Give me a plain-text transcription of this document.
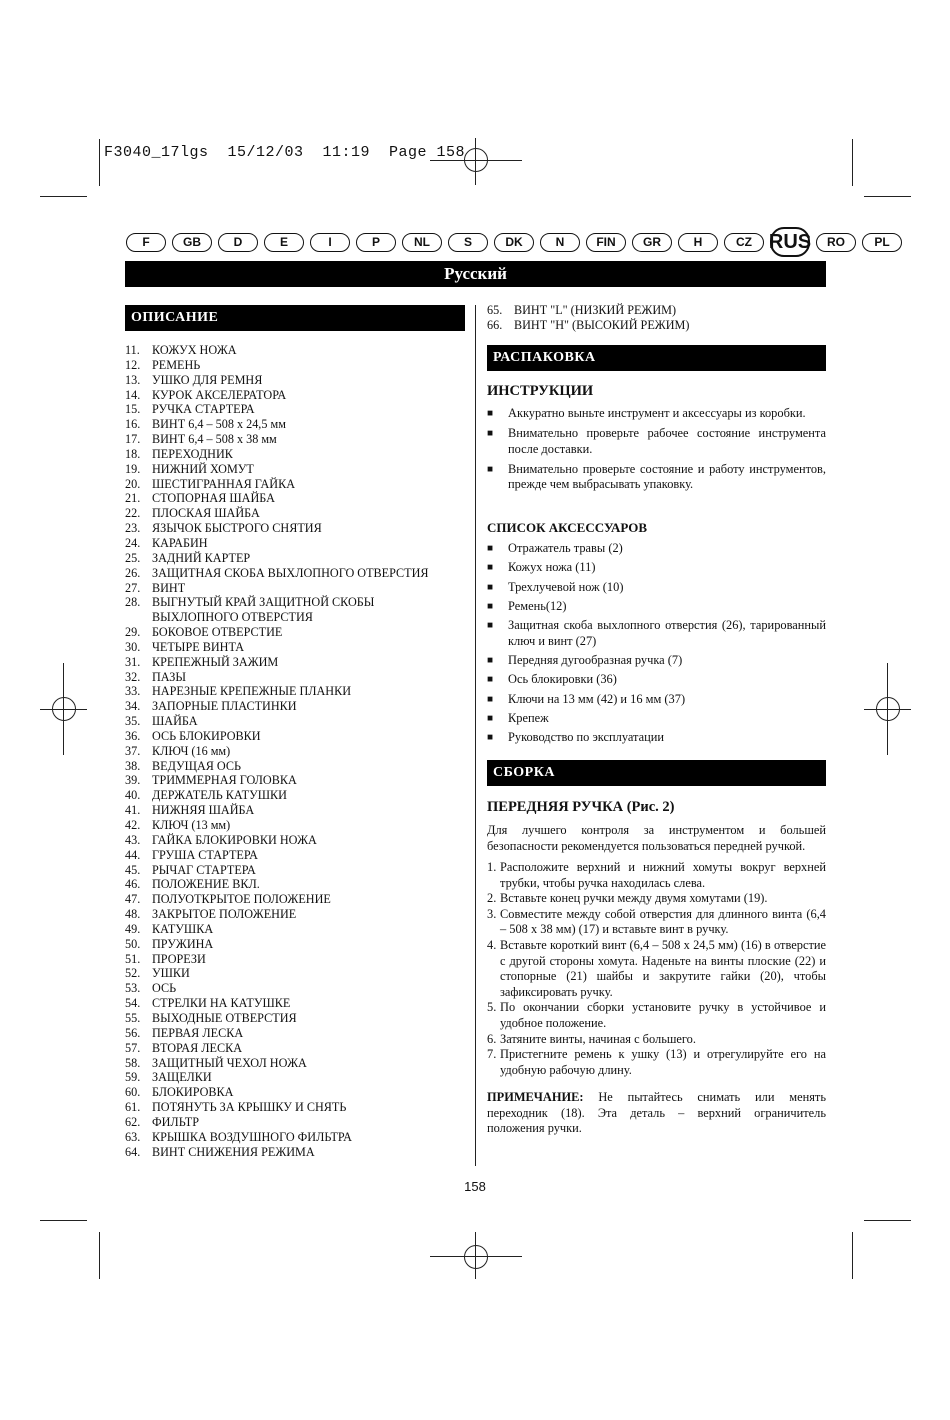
F3040_17lgs  15/12/03  11:19  Page 158
F	GB	D	E	I	P	NL	S	DK	N	FIN	GR	H	CZ RUS	RO	PL
Русский
ОПИСАНИЕ
11.	КОЖУХ НОЖА
12. РЕМЕНЬ
13. УШКО ДЛЯ РЕМНЯ
14. КУРОК АКСЕЛЕРАТОРА
15. РУЧКА СТАРТЕРА
16. ВИНТ 6,4 – 508 x 24,5 мм
17. ВИНТ 6,4 – 508 x 38 мм
18. ПЕРЕХОДНИК
19. НИЖНИЙ ХОМУТ
20. ШЕСТИГРАННАЯ ГАЙКА
21. СТОПОРНАЯ ШАЙБА
22. ПЛОСКАЯ ШАЙБА
23. ЯЗЫЧОК БЫСТРОГО СНЯТИЯ
24. КАРАБИН
25. ЗАДНИЙ КАРТЕР
26. ЗАЩИТНАЯ СКОБА ВЫХЛОПНОГО ОТВЕРСТИЯ
27. ВИНТ
28. ВЫГНУТЫЙ КРАЙ ЗАЩИТНОЙ СКОБЫ
ВЫХЛОПНОГО ОТВЕРСТИЯ
29. БОКОВОЕ ОТВЕРСТИЕ
30. ЧЕТЫРЕ ВИНТА
31. КРЕПЕЖНЫЙ ЗАЖИМ
32. ПАЗЫ
33. НАРЕЗНЫЕ КРЕПЕЖНЫЕ ПЛАНКИ
34. ЗАПОРНЫЕ ПЛАСТИНКИ
35. ШАЙБА
36. ОСЬ БЛОКИРОВКИ
37. КЛЮЧ (16 мм)
38. ВЕДУЩАЯ ОСЬ
39. ТРИММЕРНАЯ ГОЛОВКА
40. ДЕРЖАТЕЛЬ КАТУШКИ
41. НИЖНЯЯ ШАЙБА
42. КЛЮЧ (13 мм)
43. ГАЙКА БЛОКИРОВКИ НОЖА
44. ГРУША СТАРТЕРА
45. РЫЧАГ СТАРТЕРА
46. ПОЛОЖЕНИЕ ВКЛ.
47. ПОЛУОТКРЫТОЕ ПОЛОЖЕНИЕ
48. ЗАКРЫТОЕ ПОЛОЖЕНИЕ
49. КАТУШКА
50. ПРУЖИНА
51. ПРОРЕЗИ
52. УШКИ
53. ОСЬ
54. СТРЕЛКИ НА КАТУШКЕ
55. ВЫХОДНЫЕ ОТВЕРСТИЯ
56. ПЕРВАЯ ЛЕСКА
57. ВТОРАЯ ЛЕСКА
58. ЗАЩИТНЫЙ ЧЕХОЛ НОЖА
59. ЗАЩЕЛКИ
60. БЛОКИРОВКА
61. ПОТЯНУТЬ ЗА КРЫШКУ И СНЯТЬ
62. ФИЛЬТР
63. КРЫШКА ВОЗДУШНОГО ФИЛЬТРА
64. ВИНТ СНИЖЕНИЯ РЕЖИМА
65. ВИНТ "L" (НИЗКИЙ РЕЖИМ)
66. ВИНТ "H" (ВЫСОКИЙ РЕЖИМ)
РАСПАКОВКА
ИНСТРУКЦИИ
■	Аккуратно выньте инструмент и аксессуары из коробки.
■	Внимательно проверьте рабочее состояние инструмента после доставки.
■	Внимательно проверьте состояние и работу инструментов, прежде чем выбрасывать упаковку.
СПИСОК АКСЕССУАРОВ
■	Отражатель травы (2)
■	Кожух ножа (11)
■	Трехлучевой нож (10)
■	Ремень(12)
■	Защитная скоба выхлопного отверстия (26), тарированный ключ и винт (27)
■	Передняя дугообразная ручка (7)
■	Ось блокировки (36)
■	Ключи на 13 мм (42) и 16 мм (37)
■	Крепеж
■	Руководство по эксплуатации
СБОРКА
ПЕРЕДНЯЯ РУЧКА (Рис. 2)
Для лучшего контроля за инструментом и большей безопасности рекомендуется пользоваться передней ручкой.
1. Расположите верхний и нижний хомуты вокруг верхней трубки, чтобы ручка находилась слева.
2. Вставьте конец ручки между двумя хомутами (19).
3. Совместите между собой отверстия для длинного винта (6,4 – 508 х 38 мм) (17) и вставьте винт в ручку.
4. Вставьте короткий винт (6,4 – 508 х 24,5 мм) (16) в отверстие с другой стороны хомута. Наденьте на винты плоские (22) и стопорные (21) шайбы и закрутите гайки (20), чтобы зафиксировать ручку.
5. По окончании сборки установите ручку в устойчивое и удобное положение.
6. Затяните винты, начиная с большего.
7. Пристегните ремень к ушку (13) и отрегулируйте его на удобную рабочую длину.
ПРИМЕЧАНИЕ: Не пытайтесь снимать или менять переходник (18). Эта деталь – верхний ограничитель положения ручки.
158
